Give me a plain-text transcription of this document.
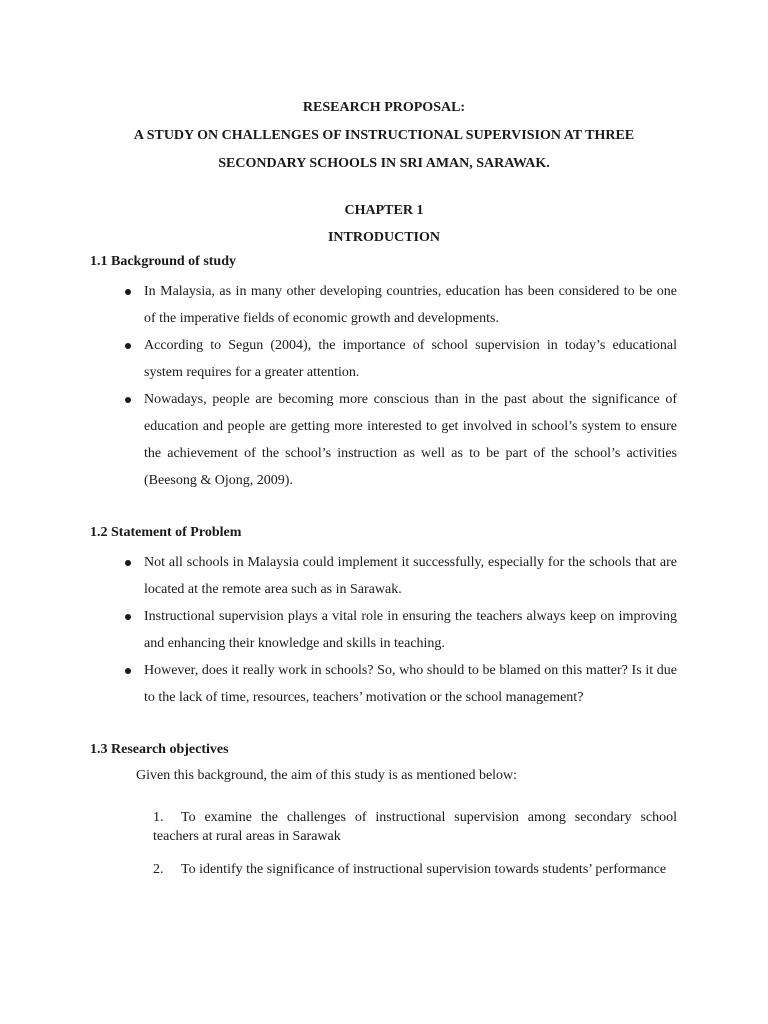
RESEARCH PROPOSAL:
A STUDY ON CHALLENGES OF INSTRUCTIONAL SUPERVISION AT THREE
SECONDARY SCHOOLS IN SRI AMAN, SARAWAK.
CHAPTER 1
INTRODUCTION
1.1 Background of study
In Malaysia, as in many other developing countries, education has been considered to be one of the imperative fields of economic growth and developments.
According to Segun (2004), the importance of school supervision in today’s educational system requires for a greater attention.
Nowadays, people are becoming more conscious than in the past about the significance of education and people are getting more interested to get involved in school’s system to ensure the achievement of the school’s instruction as well as to be part of the school’s activities (Beesong & Ojong, 2009).
1.2 Statement of Problem
Not all schools in Malaysia could implement it successfully, especially for the schools that are located at the remote area such as in Sarawak.
Instructional supervision plays a vital role in ensuring the teachers always keep on improving and enhancing their knowledge and skills in teaching.
However, does it really work in schools? So, who should to be blamed on this matter? Is it due to the lack of time, resources, teachers’ motivation or the school management?
1.3 Research objectives
Given this background, the aim of this study is as mentioned below:
1. To examine the challenges of instructional supervision among secondary school teachers at rural areas in Sarawak
2. To identify the significance of instructional supervision towards students’ performance
